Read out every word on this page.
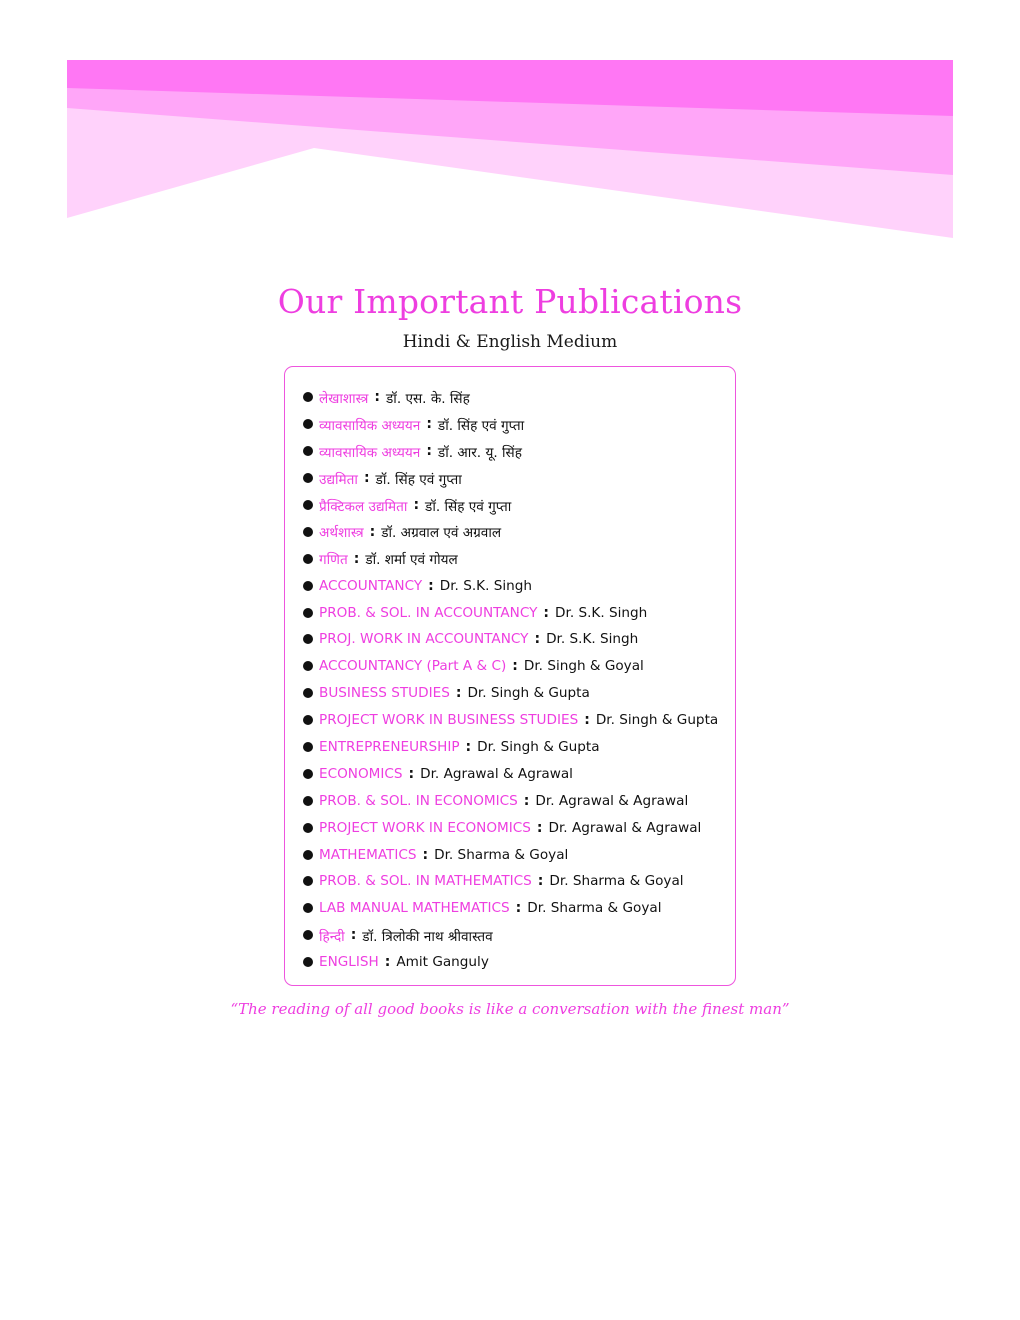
Our Important Publications
Hindi & English Medium
लेखाशास्त्र : डॉ. एस. के. सिंह
व्यावसायिक अध्ययन : डॉ. सिंह एवं गुप्ता
व्यावसायिक अध्ययन : डॉ. आर. यू. सिंह
उद्यमिता : डॉ. सिंह एवं गुप्ता
प्रैक्टिकल उद्यमिता : डॉ. सिंह एवं गुप्ता
अर्थशास्त्र : डॉ. अग्रवाल एवं अग्रवाल
गणित : डॉ. शर्मा एवं गोयल
ACCOUNTANCY : Dr. S.K. Singh
PROB. & SOL. IN ACCOUNTANCY : Dr. S.K. Singh
PROJ. WORK IN ACCOUNTANCY : Dr. S.K. Singh
ACCOUNTANCY (Part A & C) : Dr. Singh & Goyal
BUSINESS STUDIES : Dr. Singh & Gupta
PROJECT WORK IN BUSINESS STUDIES : Dr. Singh & Gupta
ENTREPRENEURSHIP : Dr. Singh & Gupta
ECONOMICS : Dr. Agrawal & Agrawal
PROB. & SOL. IN ECONOMICS : Dr. Agrawal & Agrawal
PROJECT WORK IN ECONOMICS : Dr. Agrawal & Agrawal
MATHEMATICS : Dr. Sharma & Goyal
PROB. & SOL. IN MATHEMATICS : Dr. Sharma & Goyal
LAB MANUAL MATHEMATICS : Dr. Sharma & Goyal
हिन्दी : डॉ. त्रिलोकी नाथ श्रीवास्तव
ENGLISH : Amit Ganguly
“The reading of all good books is like a conversation with the finest man”
